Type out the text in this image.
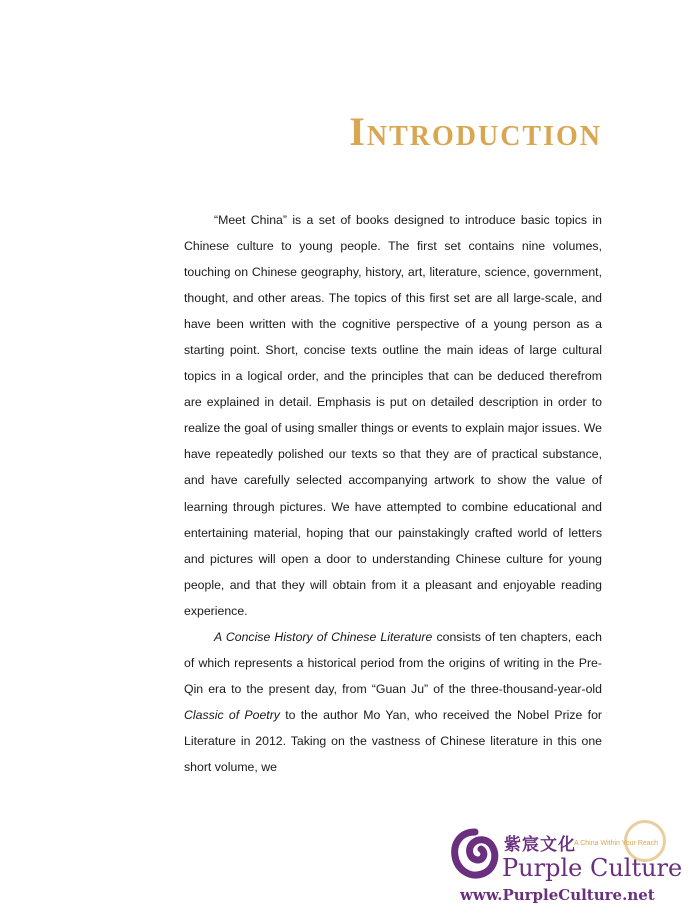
Introduction

“Meet China” is a set of books designed to introduce basic topics in Chinese culture to young people. The first set contains nine volumes, touching on Chinese geography, history, art, literature, science, government, thought, and other areas. The topics of this first set are all large-scale, and have been written with the cognitive perspective of a young person as a starting point. Short, concise texts outline the main ideas of large cultural topics in a logical order, and the principles that can be deduced therefrom are explained in detail. Emphasis is put on detailed description in order to realize the goal of using smaller things or events to explain major issues. We have repeatedly polished our texts so that they are of practical substance, and have carefully selected accompanying artwork to show the value of learning through pictures. We have attempted to combine educational and entertaining material, hoping that our painstakingly crafted world of letters and pictures will open a door to understanding Chinese culture for young people, and that they will obtain from it a pleasant and enjoyable reading experience.

A Concise History of Chinese Literature consists of ten chapters, each of which represents a historical period from the origins of writing in the Pre-Qin era to the present day, from “Guan Ju” of the three-thousand-year-old Classic of Poetry to the author Mo Yan, who received the Nobel Prize for Literature in 2012. Taking on the vastness of Chinese literature in this one short volume, we

紫宸文化
A China Within Your Reach
Purple Culture
www.PurpleCulture.net
